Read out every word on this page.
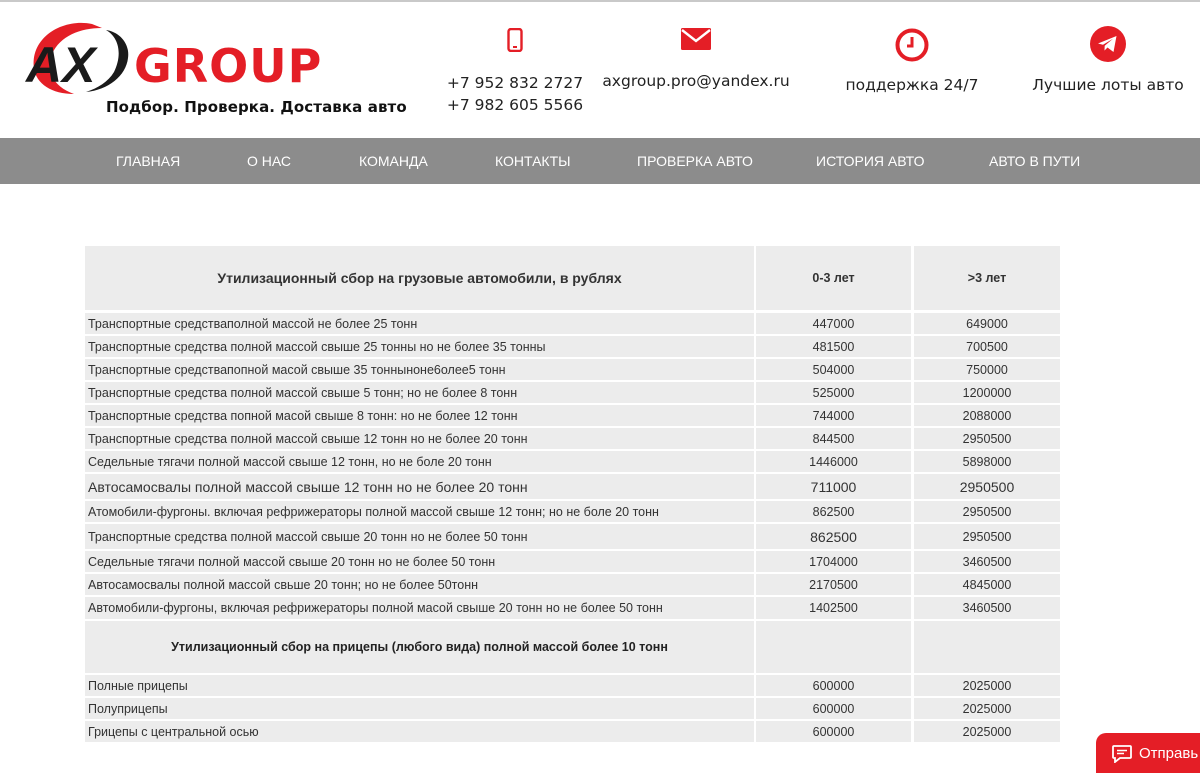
AX GROUP
Подбор. Проверка. Доставка авто
+7 952 832 2727
+7 982 605 5566
axgroup.pro@yandex.ru	поддержка 24/7	Лучшие лоты авто
ГЛАВНАЯ	О НАС	КОМАНДА	КОНТАКТЫ	ПРОВЕРКА АВТО	ИСТОРИЯ АВТО	АВТО В ПУТИ
Утилизационный сбор на грузовые автомобили, в рублях	0-3 лет	>3 лет
Транспортные средстваполной массой не более 25 тонн	447000	649000
Транспортные средства полной массой свыше 25 тонны но не более 35 тонны	481500	700500
Транспортные средствапопной масой свыше 35 тонныноне6олее5 тонн	504000	750000
Транспортные средства полной массой свыше 5 тонн; но не более 8 тонн	525000	1200000
Транспортные средства попной масой свыше 8 тонн: но не более 12 тонн	744000	2088000
Транспортные средства полной массой свыше 12 тонн но не более 20 тонн	844500	2950500
Седельные тягачи полной массой свыше 12 тонн, но не боле 20 тонн	1446000	5898000
Автосамосвалы полной массой свыше 12 тонн но не более 20 тонн	711000	2950500
Атомобили-фургоны. включая рефрижераторы полной массой свыше 12 тонн; но не боле 20 тонн	862500	2950500
Транспортные средства полной массой свыше 20 тонн но не более 50 тонн	862500	2950500
Седельные тягачи полной массой свыше 20 тонн но не более 50 тонн	1704000	3460500
Автосамосвалы полной массой свьше 20 тонн; но не более 50тонн	2170500	4845000
Автомобили-фургоны, включая рефрижераторы полной масой свыше 20 тонн но не более 50 тонн	1402500	3460500
Утилизационный сбор на прицепы (любого вида) полной массой более 10 тонн
Полные прицепы	600000	2025000
Полуприцепы	600000	2025000
Грицепы с центральной осью	600000	2025000
Отправь
